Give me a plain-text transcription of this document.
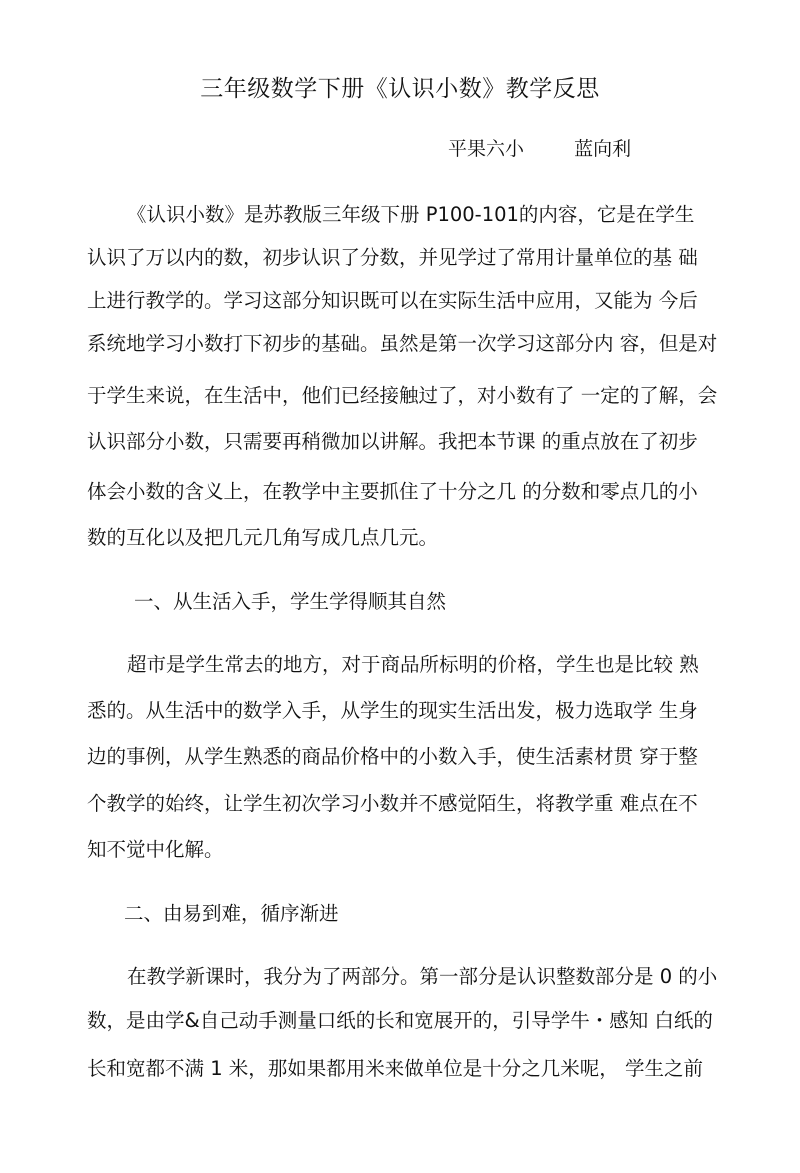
三年级数学下册《认识小数》教学反思
平果六小	蓝向利
《认识小数》是苏教版三年级下册 P100-101的内容，它是在学生
认识了万以内的数，初步认识了分数，并见学过了常用计量单位的基 础
上进行教学的。学习这部分知识既可以在实际生活中应用，又能为 今后
系统地学习小数打下初步的基础。虽然是第一次学习这部分内 容，但是对
于学生来说，在生活中，他们已经接触过了，对小数有了 一定的了解，会
认识部分小数，只需要再稍微加以讲解。我把本节课 的重点放在了初步
体会小数的含义上，在教学中主要抓住了十分之几 的分数和零点几的小
数的互化以及把几元几角写成几点几元。
一、从生活入手，学生学得顺其自然
超市是学生常去的地方，对于商品所标明的价格，学生也是比较 熟
悉的。从生活中的数学入手，从学生的现实生活出发，极力选取学 生身
边的事例，从学生熟悉的商品价格中的小数入手，使生活素材贯 穿于整
个教学的始终，让学生初次学习小数并不感觉陌生，将教学重 难点在不
知不觉中化解。
二、由易到难，循序渐进
在教学新课时，我分为了两部分。第一部分是认识整数部分是 0 的小
数，是由学&自己动手测量口纸的长和宽展开的，引导学牛・感知 白纸的
长和宽都不满 1 米，那如果都用米来做单位是十分之几米呢， 学生之前
